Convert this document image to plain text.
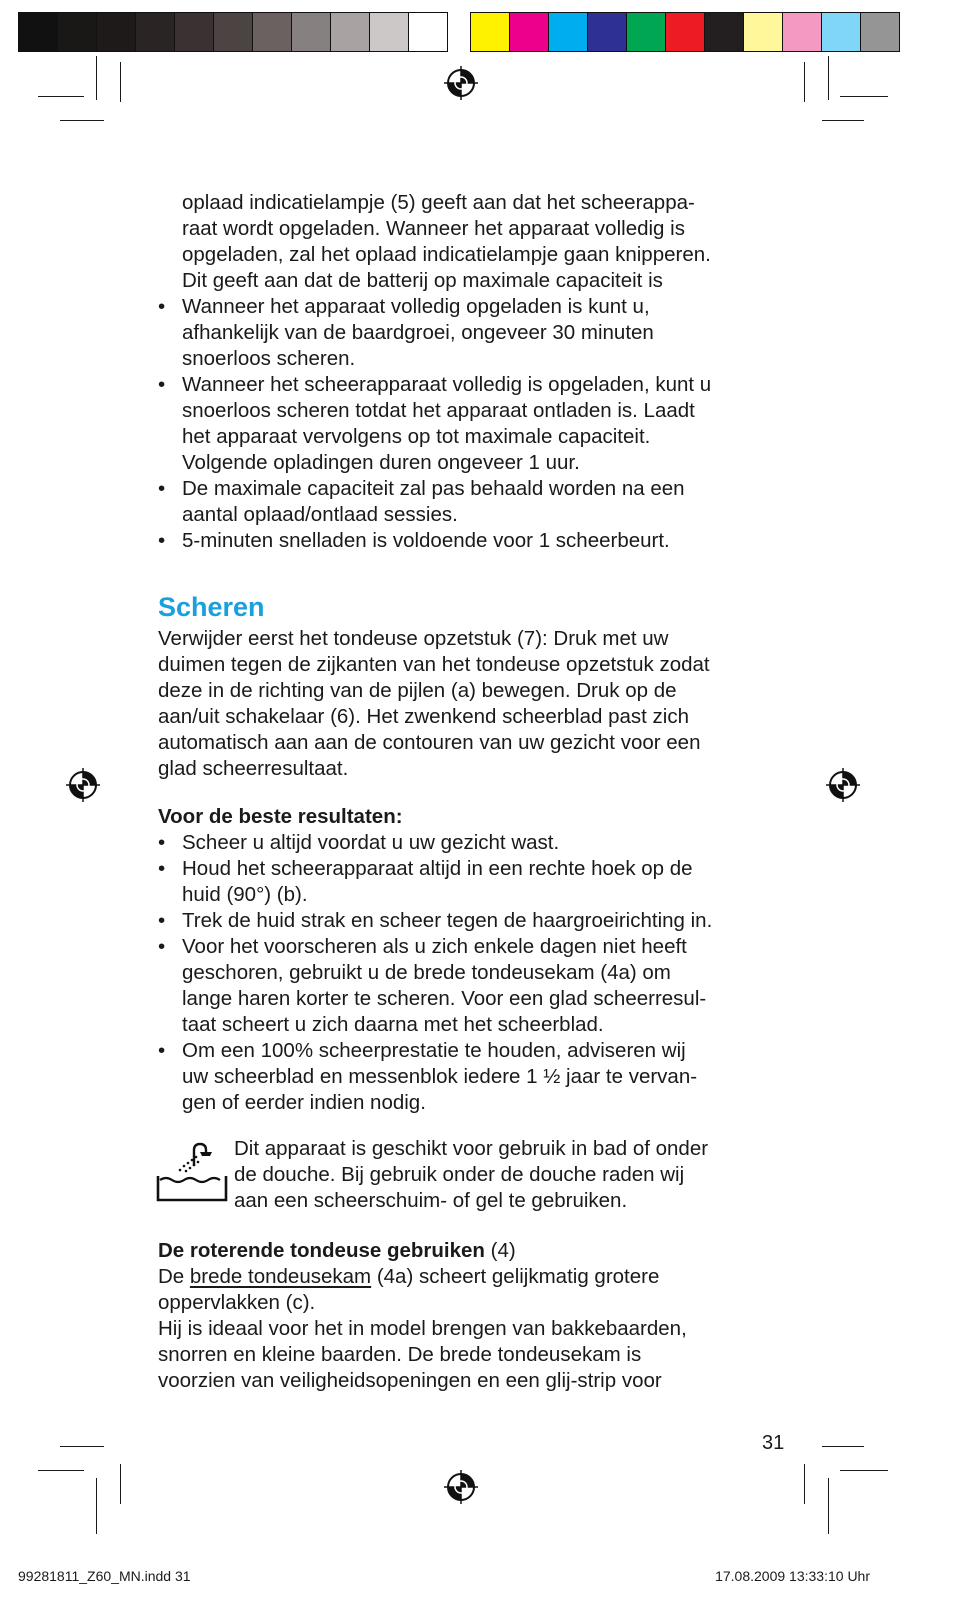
oplaad indicatielampje (5) geeft aan dat het scheerappa-
raat wordt opgeladen. Wanneer het apparaat volledig is
opgeladen, zal het oplaad indicatielampje gaan knipperen.
Dit geeft aan dat de batterij op maximale capaciteit is
• Wanneer het apparaat volledig opgeladen is kunt u,
afhankelijk van de baardgroei, ongeveer 30 minuten
snoerloos scheren.
• Wanneer het scheerapparaat volledig is opgeladen, kunt u
snoerloos scheren totdat het apparaat ontladen is. Laadt
het apparaat vervolgens op tot maximale capaciteit.
Volgende opladingen duren ongeveer 1 uur.
• De maximale capaciteit zal pas behaald worden na een
aantal oplaad/ontlaad sessies.
• 5-minuten snelladen is voldoende voor 1 scheerbeurt.
Scheren
Verwijder eerst het tondeuse opzetstuk (7): Druk met uw
duimen tegen de zijkanten van het tondeuse opzetstuk zodat
deze in de richting van de pijlen (a) bewegen. Druk op de
aan/uit schakelaar (6). Het zwenkend scheerblad past zich
automatisch aan aan de contouren van uw gezicht voor een
glad scheerresultaat.
Voor de beste resultaten:
• Scheer u altijd voordat u uw gezicht wast.
• Houd het scheerapparaat altijd in een rechte hoek op de
huid (90°) (b).
• Trek de huid strak en scheer tegen de haargroeirichting in.
• Voor het voorscheren als u zich enkele dagen niet heeft
geschoren, gebruikt u de brede tondeusekam (4a) om
lange haren korter te scheren. Voor een glad scheerresul-
taat scheert u zich daarna met het scheerblad.
• Om een 100% scheerprestatie te houden, adviseren wij
uw scheerblad en messenblok iedere 1 ½ jaar te vervan-
gen of eerder indien nodig.
Dit apparaat is geschikt voor gebruik in bad of onder
de douche. Bij gebruik onder de douche raden wij
aan een scheerschuim- of gel te gebruiken.
De roterende tondeuse gebruiken (4)
De brede tondeusekam (4a) scheert gelijkmatig grotere
oppervlakken (c).
Hij is ideaal voor het in model brengen van bakkebaarden,
snorren en kleine baarden. De brede tondeusekam is
voorzien van veiligheidsopeningen en een glij-strip voor
31
99281811_Z60_MN.indd 31	17.08.2009 13:33:10 Uhr
